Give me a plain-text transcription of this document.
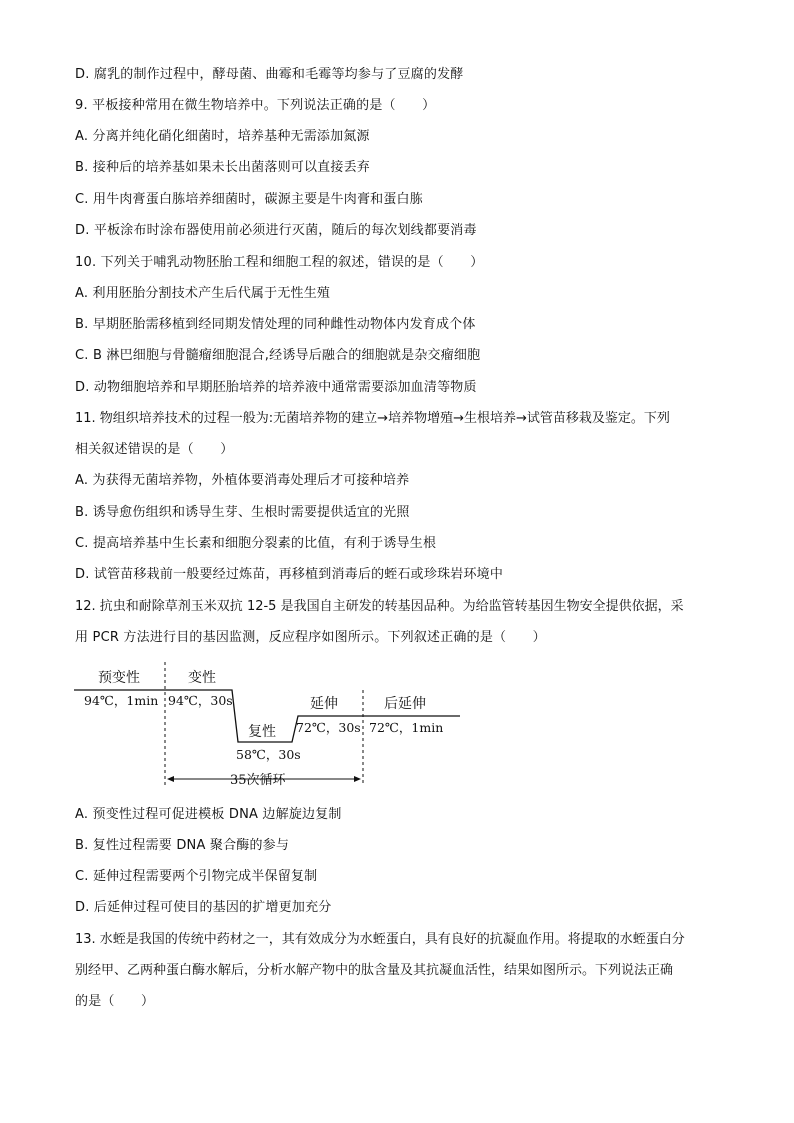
D. 腐乳的制作过程中，酵母菌、曲霉和毛霉等均参与了豆腐的发酵
9. 平板接种常用在微生物培养中。下列说法正确的是（　　）
A. 分离并纯化硝化细菌时，培养基种无需添加氮源
B. 接种后的培养基如果未长出菌落则可以直接丢弃
C. 用牛肉膏蛋白胨培养细菌时，碳源主要是牛肉膏和蛋白胨
D. 平板涂布时涂布器使用前必须进行灭菌，随后的每次划线都要消毒
10. 下列关于哺乳动物胚胎工程和细胞工程的叙述，错误的是（　　）
A. 利用胚胎分割技术产生后代属于无性生殖
B. 早期胚胎需移植到经同期发情处理的同种雌性动物体内发育成个体
C. B 淋巴细胞与骨髓瘤细胞混合,经诱导后融合的细胞就是杂交瘤细胞
D. 动物细胞培养和早期胚胎培养的培养液中通常需要添加血清等物质
11. 物组织培养技术的过程一般为:无菌培养物的建立→培养物增殖→生根培养→试管苗移栽及鉴定。下列
相关叙述错误的是（　　）
A. 为获得无菌培养物，外植体要消毒处理后才可接种培养
B. 诱导愈伤组织和诱导生芽、生根时需要提供适宜的光照
C. 提高培养基中生长素和细胞分裂素的比值，有利于诱导生根
D. 试管苗移栽前一般要经过炼苗，再移植到消毒后的蛭石或珍珠岩环境中
12. 抗虫和耐除草剂玉米双抗 12-5 是我国自主研发的转基因品种。为给监管转基因生物安全提供依据，采
用 PCR 方法进行目的基因监测，反应程序如图所示。下列叙述正确的是（　　）
预变性	变性
94℃，1min 94℃，30s
复性
58℃，30s
延伸
72℃，30s
后延伸
72℃，1min
35次循环
A. 预变性过程可促进模板 DNA 边解旋边复制
B. 复性过程需要 DNA 聚合酶的参与
C. 延伸过程需要两个引物完成半保留复制
D. 后延伸过程可使目的基因的扩增更加充分
13. 水蛭是我国的传统中药材之一，其有效成分为水蛭蛋白，具有良好的抗凝血作用。将提取的水蛭蛋白分
别经甲、乙两种蛋白酶水解后，分析水解产物中的肽含量及其抗凝血活性，结果如图所示。下列说法正确
的是（　　）
